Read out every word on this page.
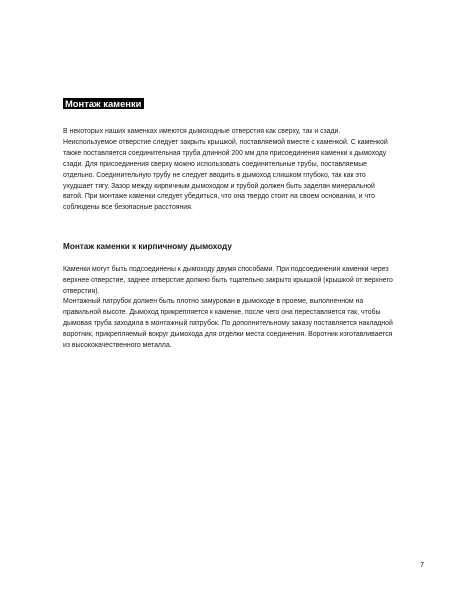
Монтаж каменки

В некоторых наших каменках имеются дымоходные отверстия как сверху, так и сзади.
Неиспользуемое отверстие следует закрыть крышкой, поставляемой вместе с каменкой. С каменкой
также поставляется соединительная труба длинной 200 мм для присоединения каменки к дымоходу
сзади. Для присоединения сверху можно использовать соединительные трубы, поставляемые
отдельно. Соединительную трубу не следует вводить в дымоход слишком глубоко, так как это
ухудшает тягу. Зазор между кирпичным дымоходом и трубой должен быть заделан минеральной
ватой. При монтаже каменки следует убедиться, что она твердо стоит на своем основании, и что
соблюдены все безопасные расстояния.

Монтаж каменки к кирпичному дымоходу

Каменки могут быть подсоединены к дымоходу двумя способами. При подсоединении каменки через
верхнее отверстие, заднее отверстие должно быть тщательно закрыто крышкой (крышкой от верхнего
отверстия).

Монтажный патрубок должен быть плотно замурован в дымоходе в проеме, выполненном на
правильной высоте. Дымоход прикрепляется к каменке, после чего она переставляется так, чтобы
дымовая труба заходила в монтажный патрубок. По дополнительному заказу поставляется накладной
воротник, прикрепляемый вокруг дымохода для отделки места соединения. Воротник изготавливается
из высококачественного металла.

7
